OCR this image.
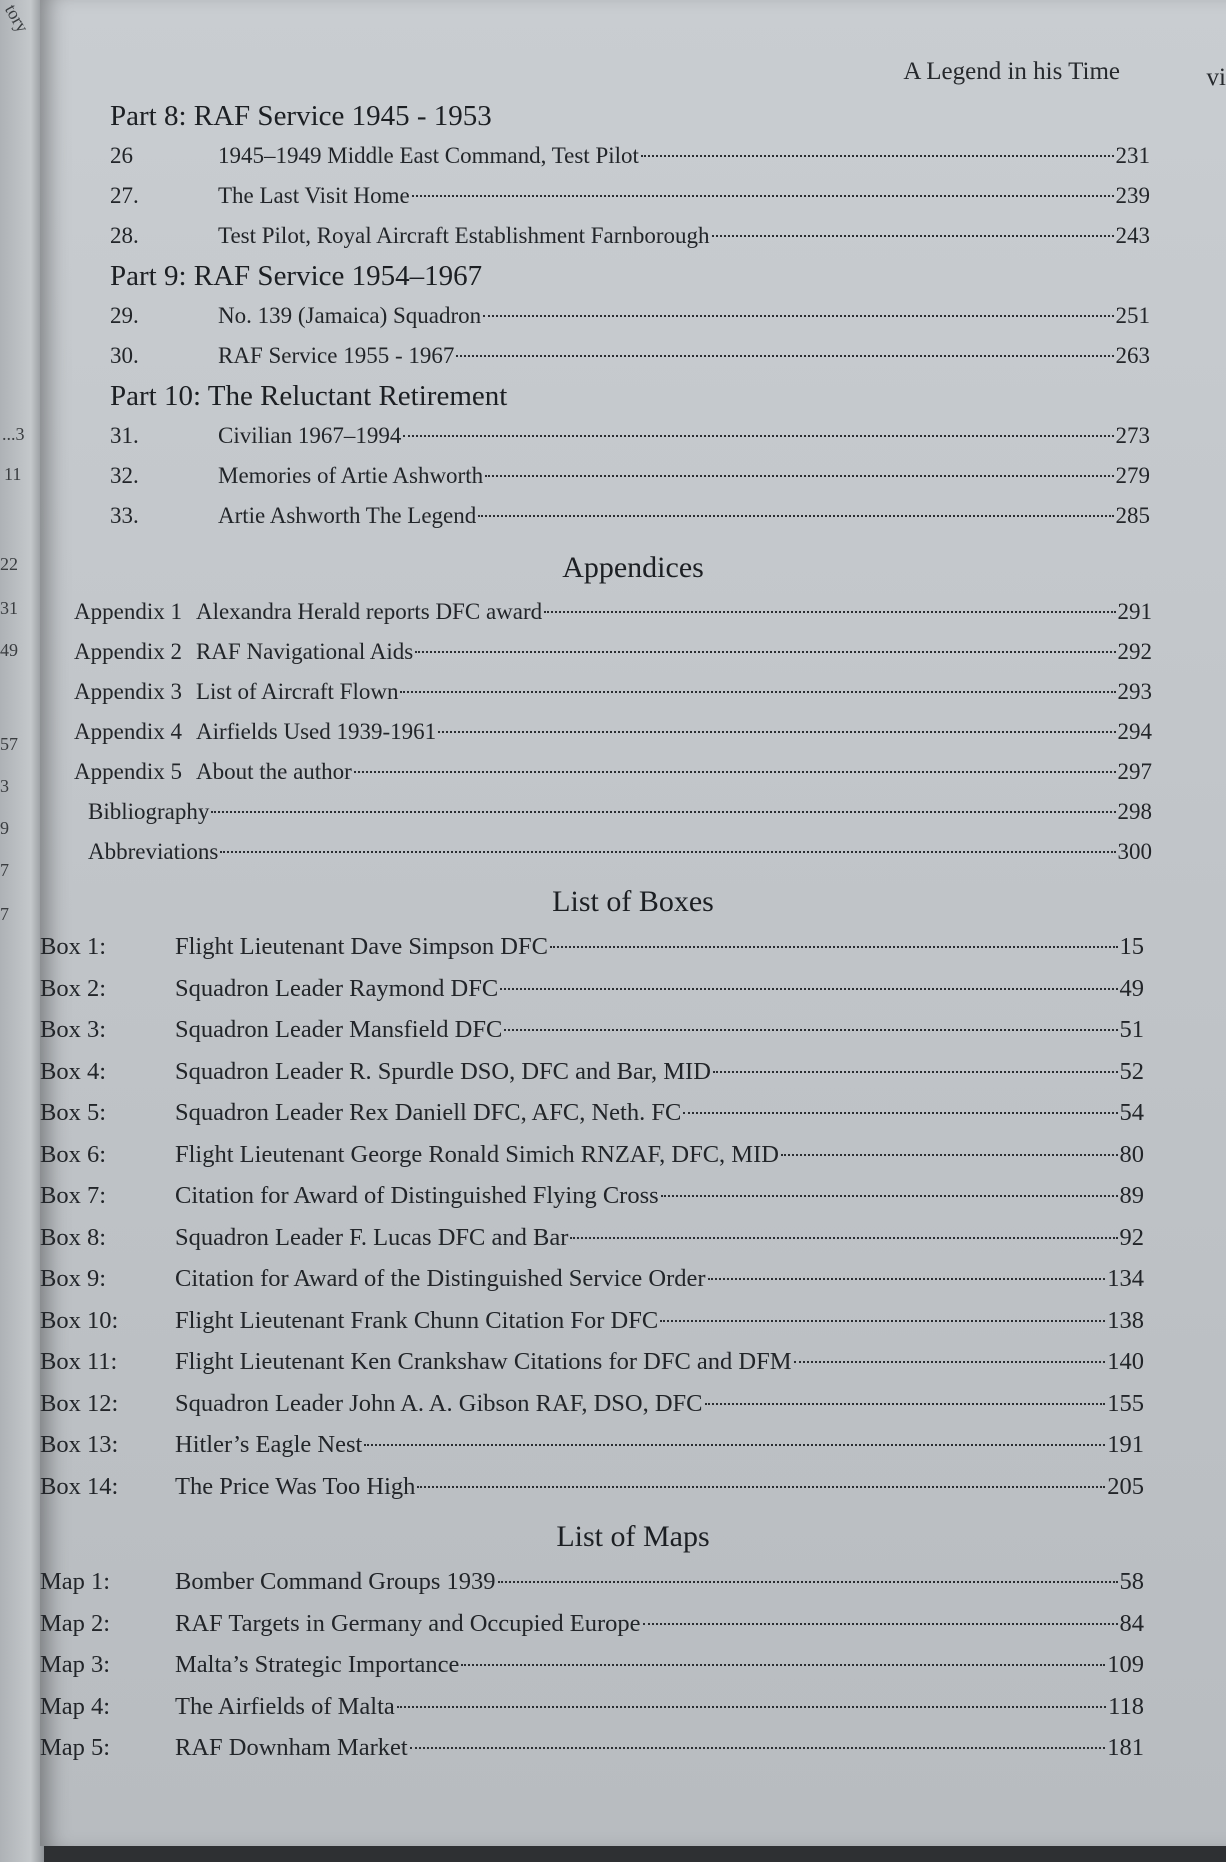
tory
...3
11
22
31
49
57
3
9
7
7
A Legend in his Time	vi
Part 8: RAF Service 1945 - 1953
26	1945–1949 Middle East Command, Test Pilot	231
27.	The Last Visit Home	239
28.	Test Pilot, Royal Aircraft Establishment Farnborough	243
Part 9: RAF Service 1954–1967
29.	No. 139 (Jamaica) Squadron	251
30.	RAF Service 1955 - 1967	263
Part 10: The Reluctant Retirement
31.	Civilian 1967–1994	273
32.	Memories of Artie Ashworth	279
33.	Artie Ashworth The Legend	285
Appendices
Appendix 1 Alexandra Herald reports DFC award	291
Appendix 2 RAF Navigational Aids	292
Appendix 3 List of Aircraft Flown	293
Appendix 4 Airfields Used 1939-1961	294
Appendix 5 About the author	297
Bibliography	298
Abbreviations	300
List of Boxes
Box 1:	Flight Lieutenant Dave Simpson DFC	15
Box 2:	Squadron Leader Raymond DFC	49
Box 3:	Squadron Leader Mansfield DFC	51
Box 4:	Squadron Leader R. Spurdle DSO, DFC and Bar, MID	52
Box 5:	Squadron Leader Rex Daniell DFC, AFC, Neth. FC	54
Box 6:	Flight Lieutenant George Ronald Simich RNZAF, DFC, MID	80
Box 7:	Citation for Award of Distinguished Flying Cross	89
Box 8:	Squadron Leader F. Lucas DFC and Bar	92
Box 9:	Citation for Award of the Distinguished Service Order	134
Box 10:	Flight Lieutenant Frank Chunn Citation For DFC	138
Box 11:	Flight Lieutenant Ken Crankshaw Citations for DFC and DFM	140
Box 12:	Squadron Leader John A. A. Gibson RAF, DSO, DFC	155
Box 13:	Hitler’s Eagle Nest	191
Box 14:	The Price Was Too High	205
List of Maps
Map 1:	Bomber Command Groups 1939	58
Map 2:	RAF Targets in Germany and Occupied Europe	84
Map 3:	Malta’s Strategic Importance	109
Map 4:	The Airfields of Malta	118
Map 5:	RAF Downham Market	181
